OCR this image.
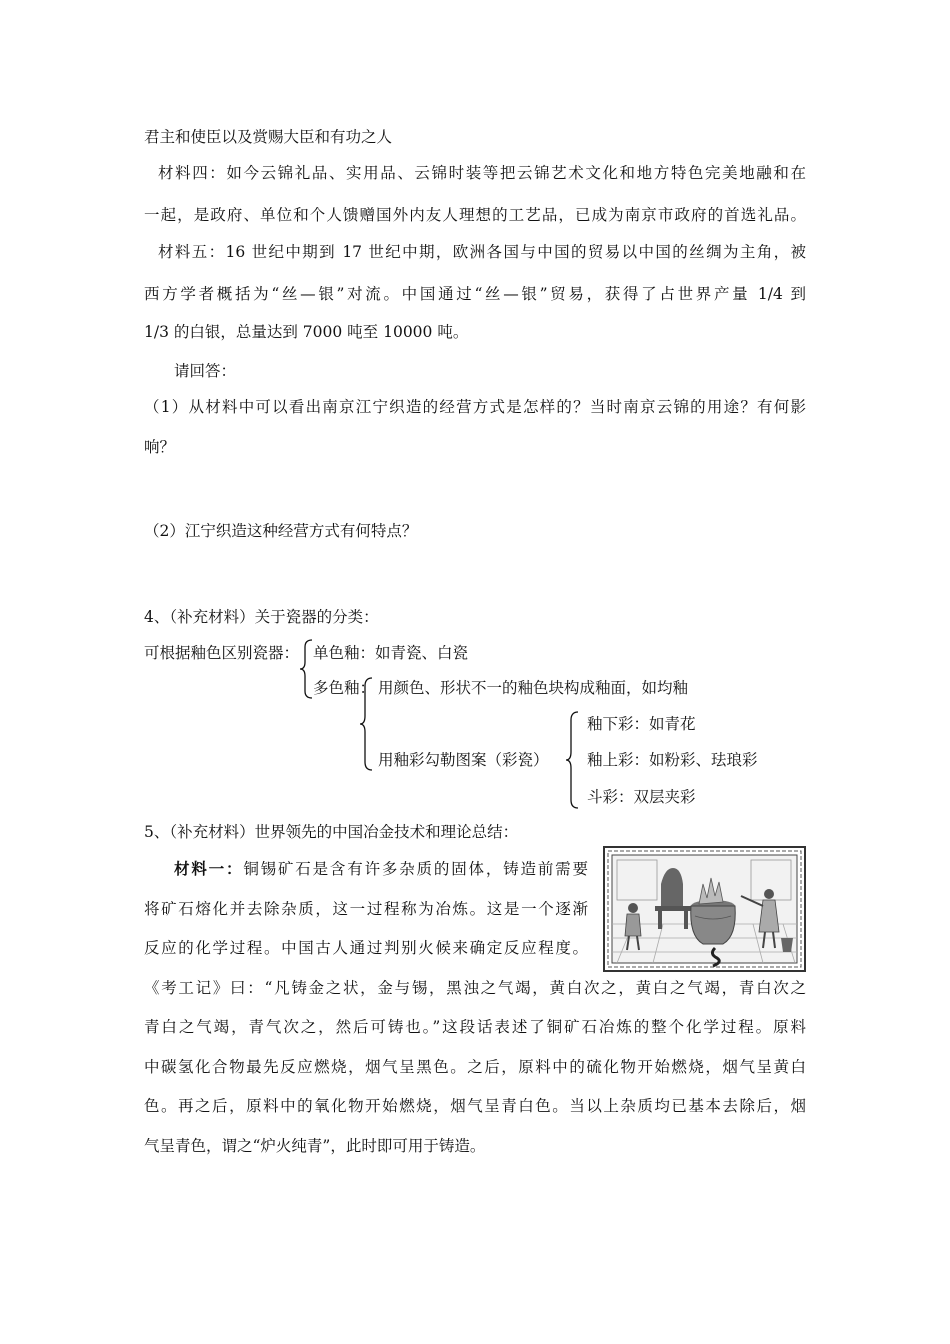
君主和使臣以及赏赐大臣和有功之人
材料四：如今云锦礼品、实用品、云锦时装等把云锦艺术文化和地方特色完美地融和在
一起，是政府、单位和个人馈赠国外内友人理想的工艺品，已成为南京市政府的首选礼品。
材料五：16 世纪中期到 17 世纪中期，欧洲各国与中国的贸易以中国的丝绸为主角，被
西方学者概括为“丝—银”对流。中国通过“丝—银”贸易，获得了占世界产量 1/4 到
1/3 的白银，总量达到 7000 吨至 10000 吨。
请回答：
（1）从材料中可以看出南京江宁织造的经营方式是怎样的？当时南京云锦的用途？有何影
响？
（2）江宁织造这种经营方式有何特点？
4、（补充材料）关于瓷器的分类：
可根据釉色区别瓷器： 单色釉：如青瓷、白瓷
多色釉： 用颜色、形状不一的釉色块构成釉面，如均釉
用釉彩勾勒图案（彩瓷）
釉下彩：如青花
釉上彩：如粉彩、珐琅彩
斗彩：双层夹彩
5、（补充材料）世界领先的中国冶金技术和理论总结：
材料一：铜锡矿石是含有许多杂质的固体，铸造前需要
将矿石熔化并去除杂质，这一过程称为冶炼。这是一个逐渐
反应的化学过程。中国古人通过判别火候来确定反应程度。
《考工记》曰：“凡铸金之状，金与锡，黑浊之气竭，黄白次之，黄白之气竭，青白次之
青白之气竭，青气次之，然后可铸也。”这段话表述了铜矿石冶炼的整个化学过程。原料
中碳氢化合物最先反应燃烧，烟气呈黑色。之后，原料中的硫化物开始燃烧，烟气呈黄白
色。再之后，原料中的氧化物开始燃烧，烟气呈青白色。当以上杂质均已基本去除后，烟
气呈青色，谓之“炉火纯青”，此时即可用于铸造。
